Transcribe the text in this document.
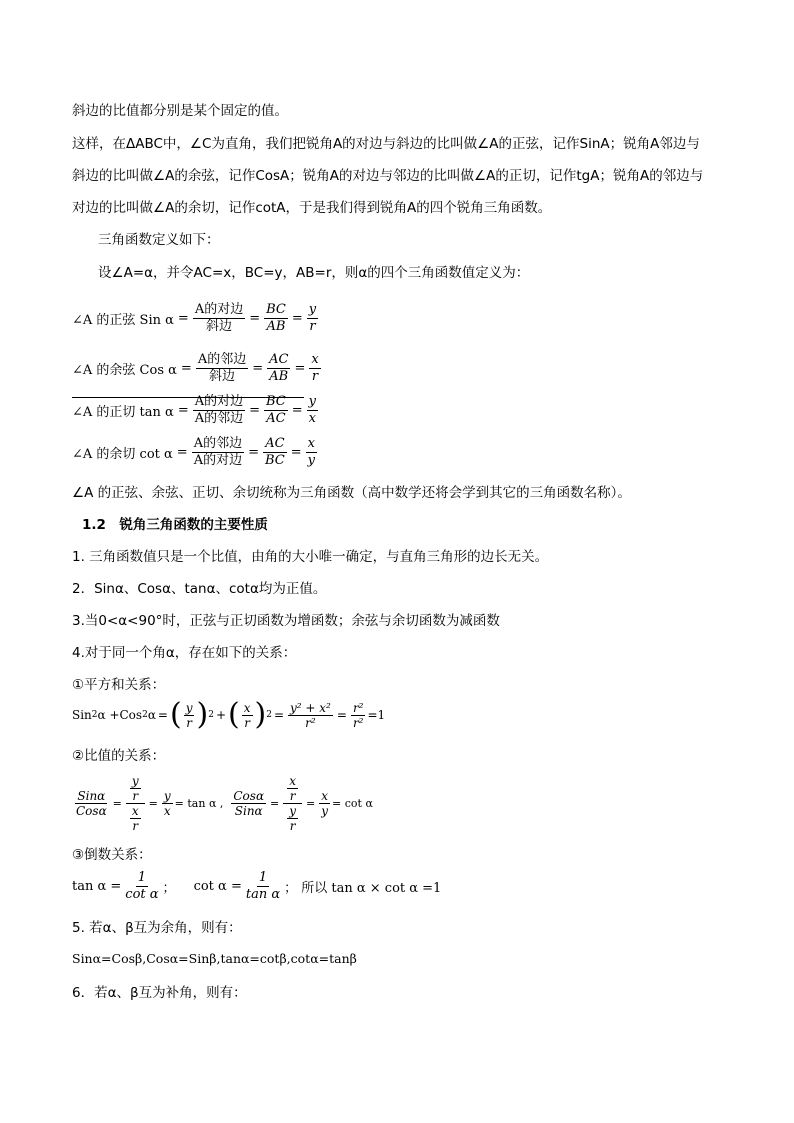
斜边的比值都分别是某个固定的值。
这样，在ΔABC中，∠C为直角，我们把锐角A的对边与斜边的比叫做∠A的正弦，记作SinA；锐角A邻边与
斜边的比叫做∠A的余弦，记作CosA；锐角A的对边与邻边的比叫做∠A的正切，记作tgA；锐角A的邻边与
对边的比叫做∠A的余切，记作cotA，于是我们得到锐角A的四个锐角三角函数。
三角函数定义如下：
设∠A=α，并令AC=x，BC=y，AB=r，则α的四个三角函数值定义为：
∠A 的正弦 Sin $\alpha = \frac{\text{A的对边}}{\text{斜边}} = \frac{BC}{AB} = \frac{y}{r}$
∠A 的余弦 Cos $\alpha = \frac{\text{A的邻边}}{\text{斜边}} = \frac{AC}{AB} = \frac{x}{r}$
∠A 的正切 $\tan \alpha = \frac{\text{A的对边}}{\text{A的邻边}} = \frac{BC}{AC} = \frac{y}{x}$
∠A 的余切 $\cot \alpha = \frac{\text{A的邻边}}{\text{A的对边}} = \frac{AC}{BC} = \frac{x}{y}$
∠A 的正弦、余弦、正切、余切统称为三角函数（高中数学还将会学到其它的三角函数名称）。
1.2　锐角三角函数的主要性质
1. 三角函数值只是一个比值，由角的大小唯一确定，与直角三角形的边长无关。
2．Sinα、Cosα、tanα、cotα均为正值。
3.当0<α<90°时，正弦与正切函数为增函数；余弦与余切函数为减函数
4.对于同一个角α，存在如下的关系：
①平方和关系：
Sin 2 α +Cos 2 α = ( $\frac{y}{r}$ ) 2 + ( $\frac{x}{r}$ ) $2 = \frac{\text{y² + x²}}{\text{r²}} = \frac{\text{r²}}{\text{r²}} =1$
②比值的关系：
$\frac{\text{Sinα}}{\text{Cosα}} = \frac{\frac{y}{r}}{\frac{x}{r}} = \frac{y}{x} = \tan \alpha$ , $\frac{\text{Cosα}}{\text{Sinα}} = \frac{\frac{x}{r}}{\frac{y}{r}} = \frac{x}{y} = \cot \alpha$
③倒数关系：
$\tan \alpha = \frac{1}{\text{cot α}}$ ； $\cot \alpha = \frac{1}{\text{tan α}}$ ； 所以 tan α × cot α =1
5. 若α、β互为余角，则有：
Sinα=Cosβ,Cosα=Sinβ,tanα=cotβ,cotα=tanβ
6．若α、β互为补角，则有：
